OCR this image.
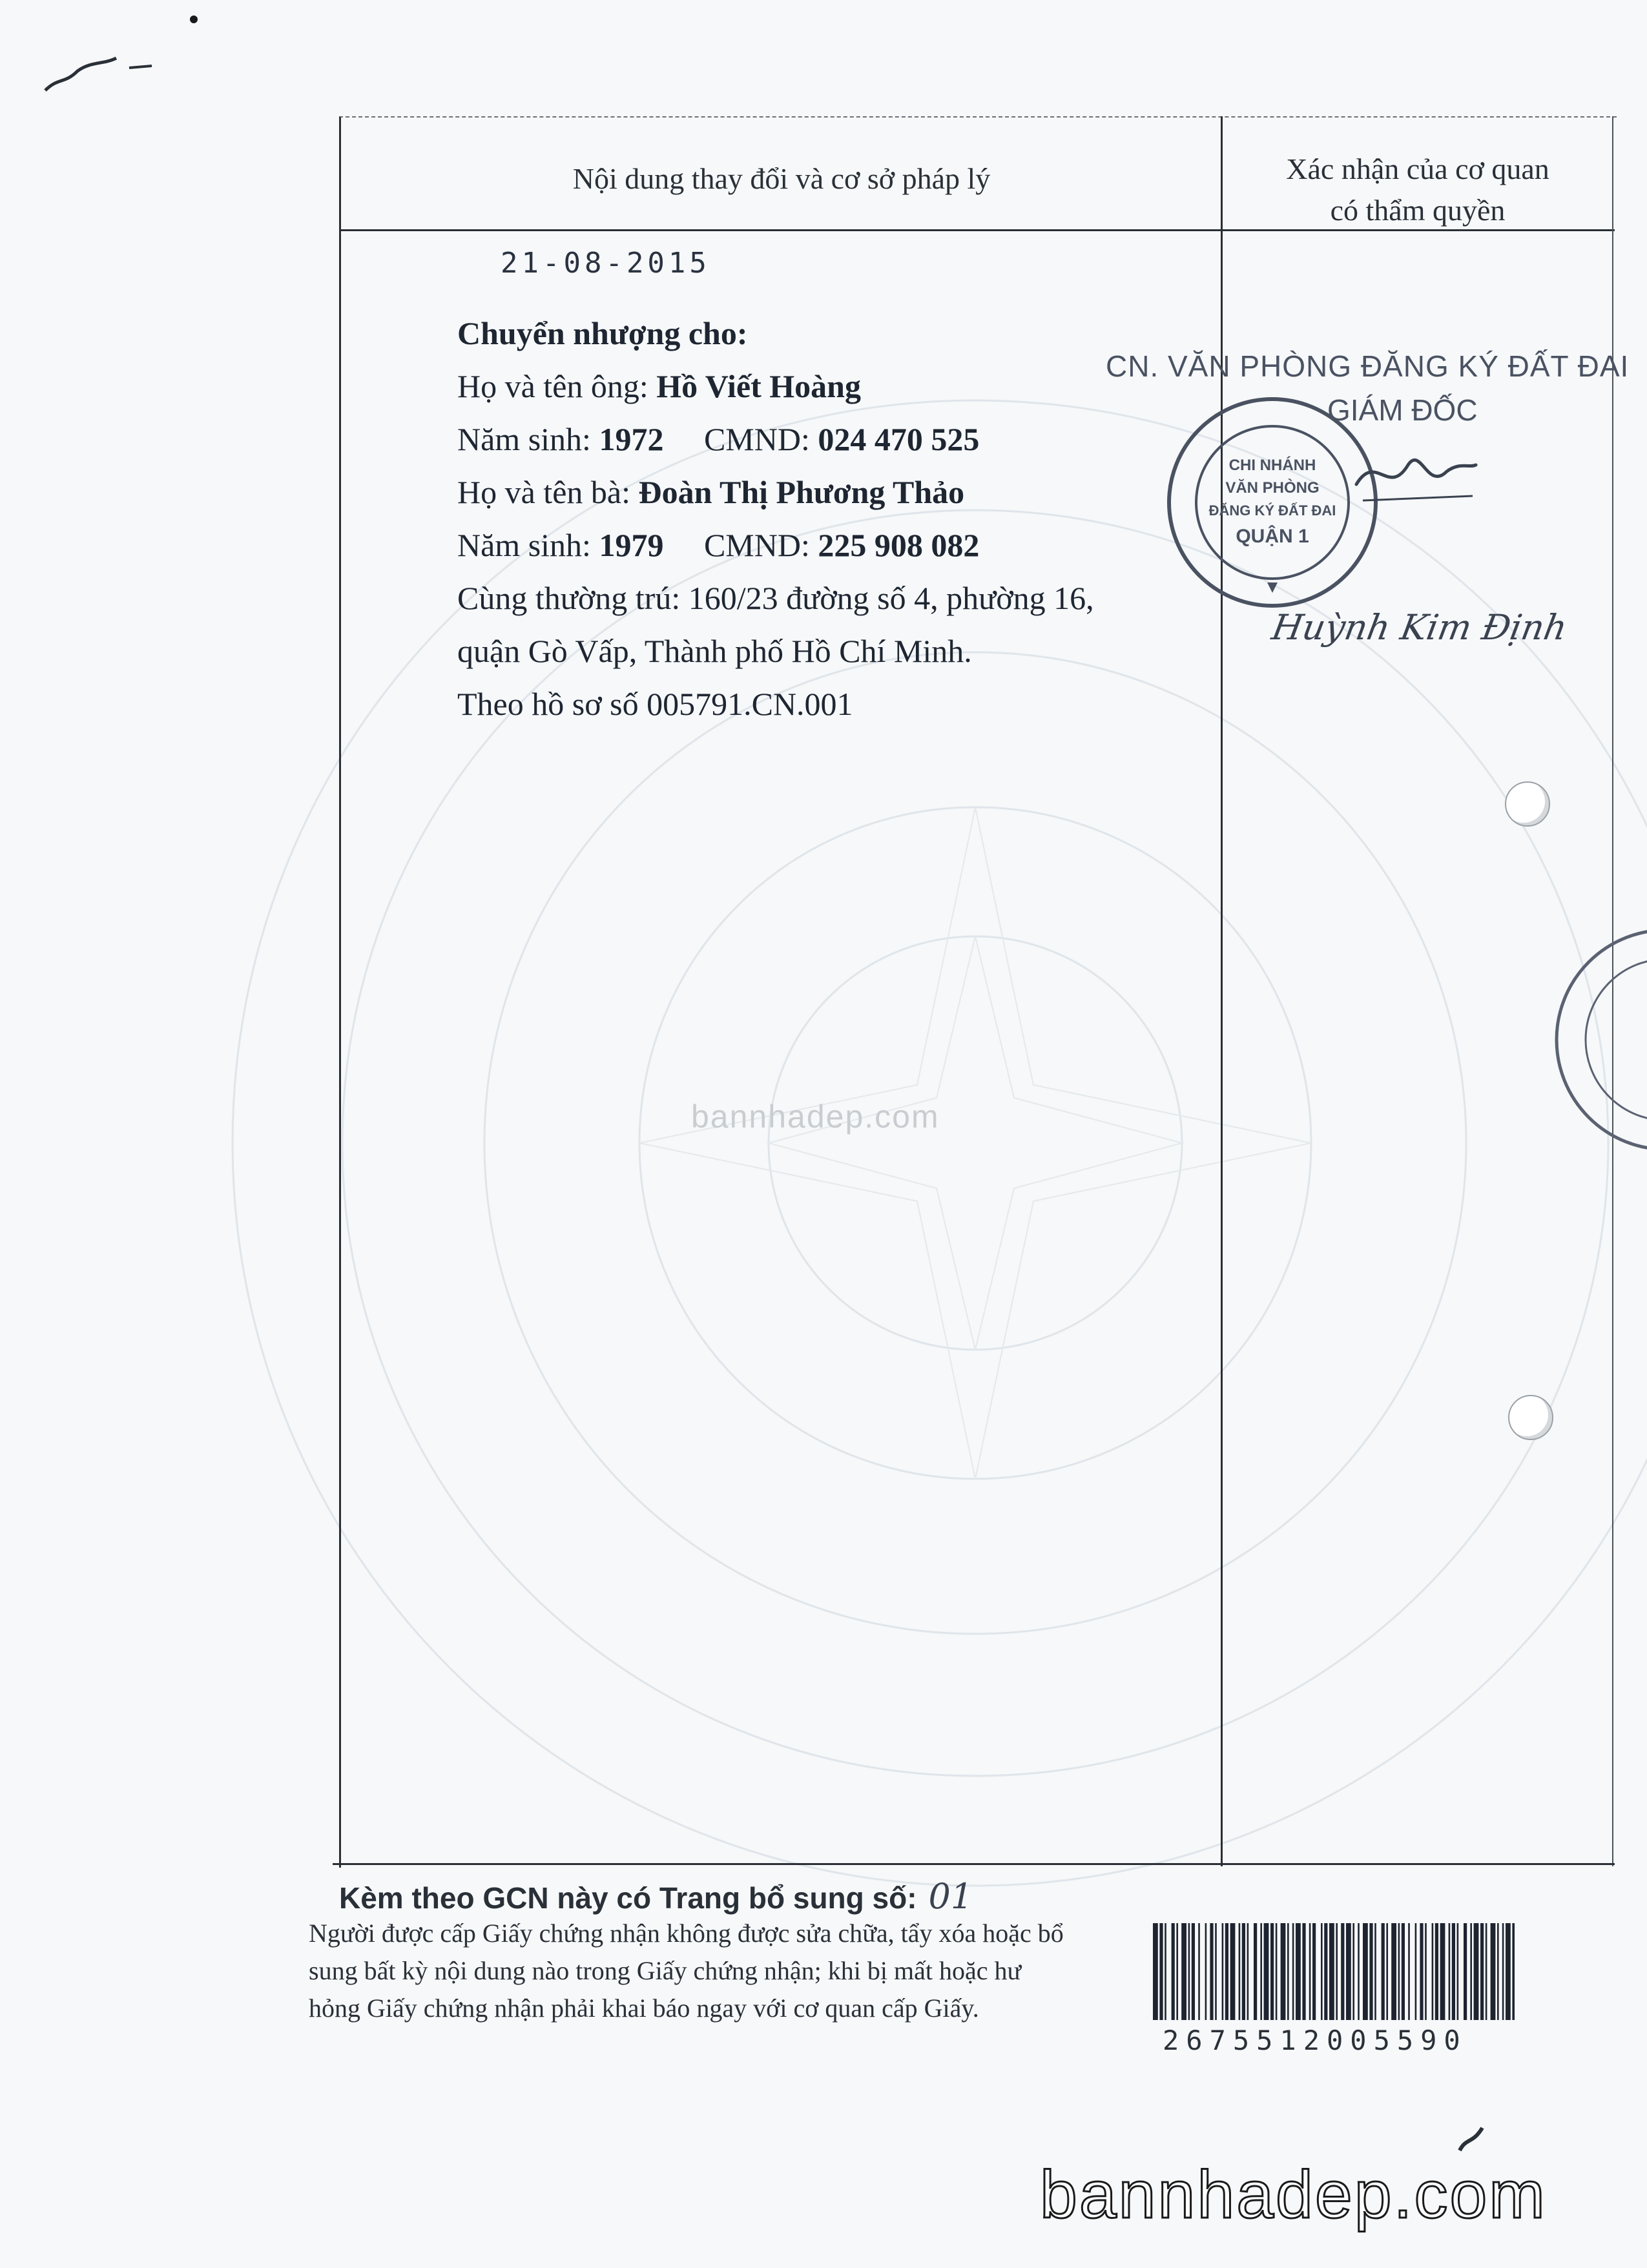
Nội dung thay đổi và cơ sở pháp lý	Xác nhận của cơ quan
có thẩm quyền
21-08-2015
Chuyển nhượng cho:
Họ và tên ông: Hồ Viết Hoàng
Năm sinh: 1972 CMND: 024 470 525
Họ và tên bà: Đoàn Thị Phương Thảo
Năm sinh: 1979 CMND: 225 908 082
Cùng thường trú: 160/23 đường số 4, phường 16,
quận Gò Vấp, Thành phố Hồ Chí Minh.
Theo hồ sơ số 005791.CN.001
CN. VĂN PHÒNG ĐĂNG KÝ ĐẤT ĐAI
GIÁM ĐỐC
CHI NHÁNH
VĂN PHÒNG
ĐĂNG KÝ ĐẤT ĐAI
QUẬN 1
Huỳnh Kim Định
bannhadep.com
Kèm theo GCN này có Trang bổ sung số: 01
Người được cấp Giấy chứng nhận không được sửa chữa, tẩy xóa hoặc bổ
sung bất kỳ nội dung nào trong Giấy chứng nhận; khi bị mất hoặc hư
hỏng Giấy chứng nhận phải khai báo ngay với cơ quan cấp Giấy.
2675512005590
bannhadep.com
